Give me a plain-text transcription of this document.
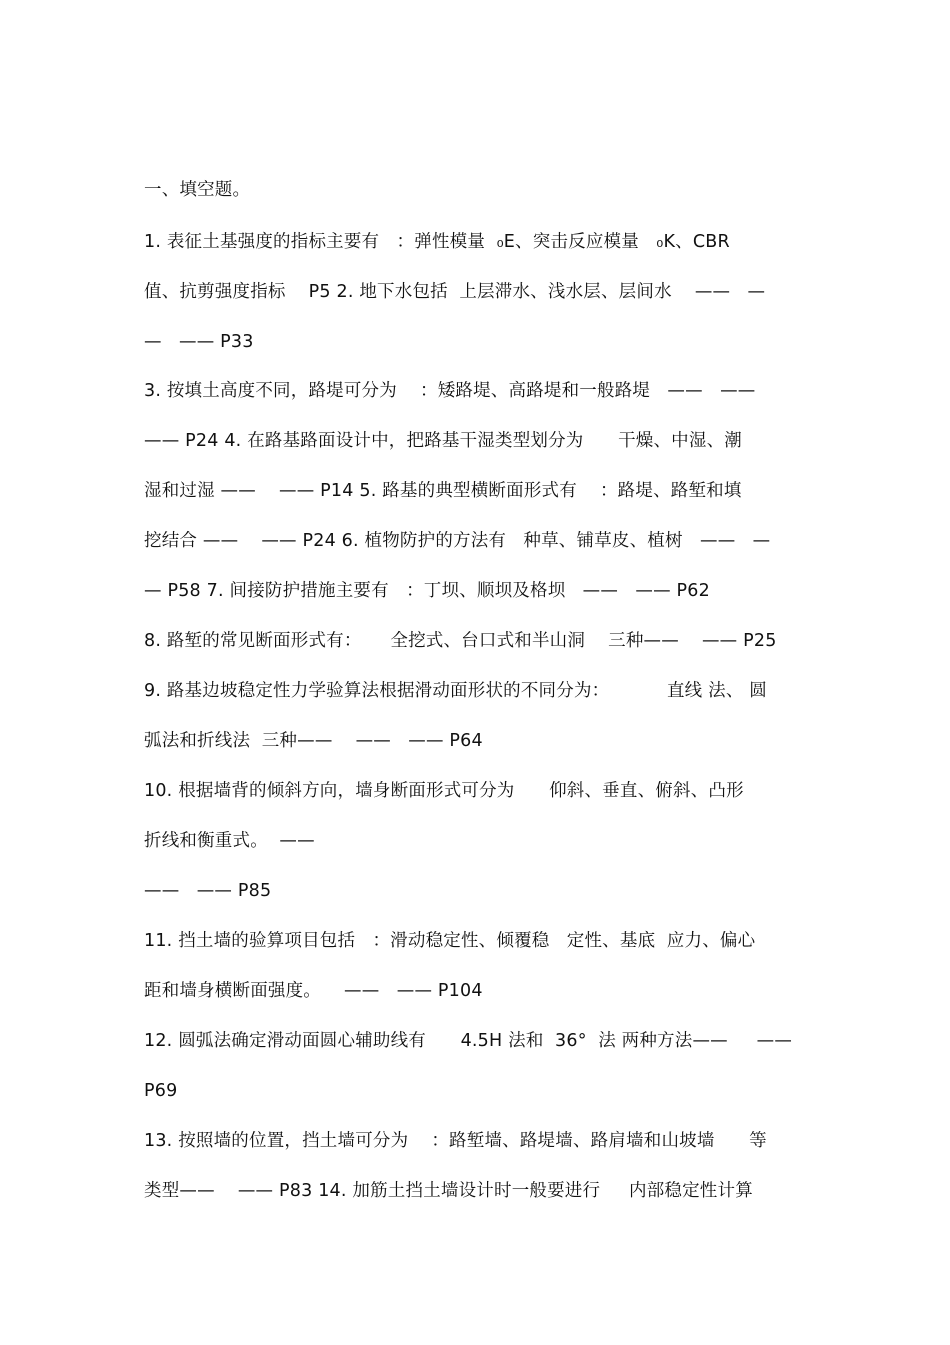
一、填空题。
1. 表征土基强度的指标主要有   ：弹性模量  ₀E、突击反应模量   ₀K、CBR
值、抗剪强度指标    P5 2. 地下水包括  上层滞水、浅水层、层间水    ——   —
—   —— P33
3. 按填土高度不同，路堤可分为    ：矮路堤、高路堤和一般路堤   ——   ——
—— P24 4. 在路基路面设计中，把路基干湿类型划分为      干燥、中湿、潮
湿和过湿 ——    —— P14 5. 路基的典型横断面形式有    ：路堤、路堑和填
挖结合 ——    —— P24 6. 植物防护的方法有   种草、铺草皮、植树   ——   —
— P58 7. 间接防护措施主要有   ：丁坝、顺坝及格坝   ——   —— P62
8. 路堑的常见断面形式有：     全挖式、台口式和半山洞    三种——    —— P25
9. 路基边坡稳定性力学验算法根据滑动面形状的不同分为：          直线 法、 圆
弧法和折线法  三种——    ——   —— P64
10. 根据墙背的倾斜方向，墙身断面形式可分为      仰斜、垂直、俯斜、凸形
折线和衡重式。  ——
——   —— P85
11. 挡土墙的验算项目包括   ：滑动稳定性、倾覆稳   定性、基底  应力、偏心
距和墙身横断面强度。    ——   —— P104
12. 圆弧法确定滑动面圆心辅助线有      4.5H 法和  36°  法 两种方法——     ——
P69
13. 按照墙的位置，挡土墙可分为    ：路堑墙、路堤墙、路肩墙和山坡墙      等
类型——    —— P83 14. 加筋土挡土墙设计时一般要进行     内部稳定性计算
